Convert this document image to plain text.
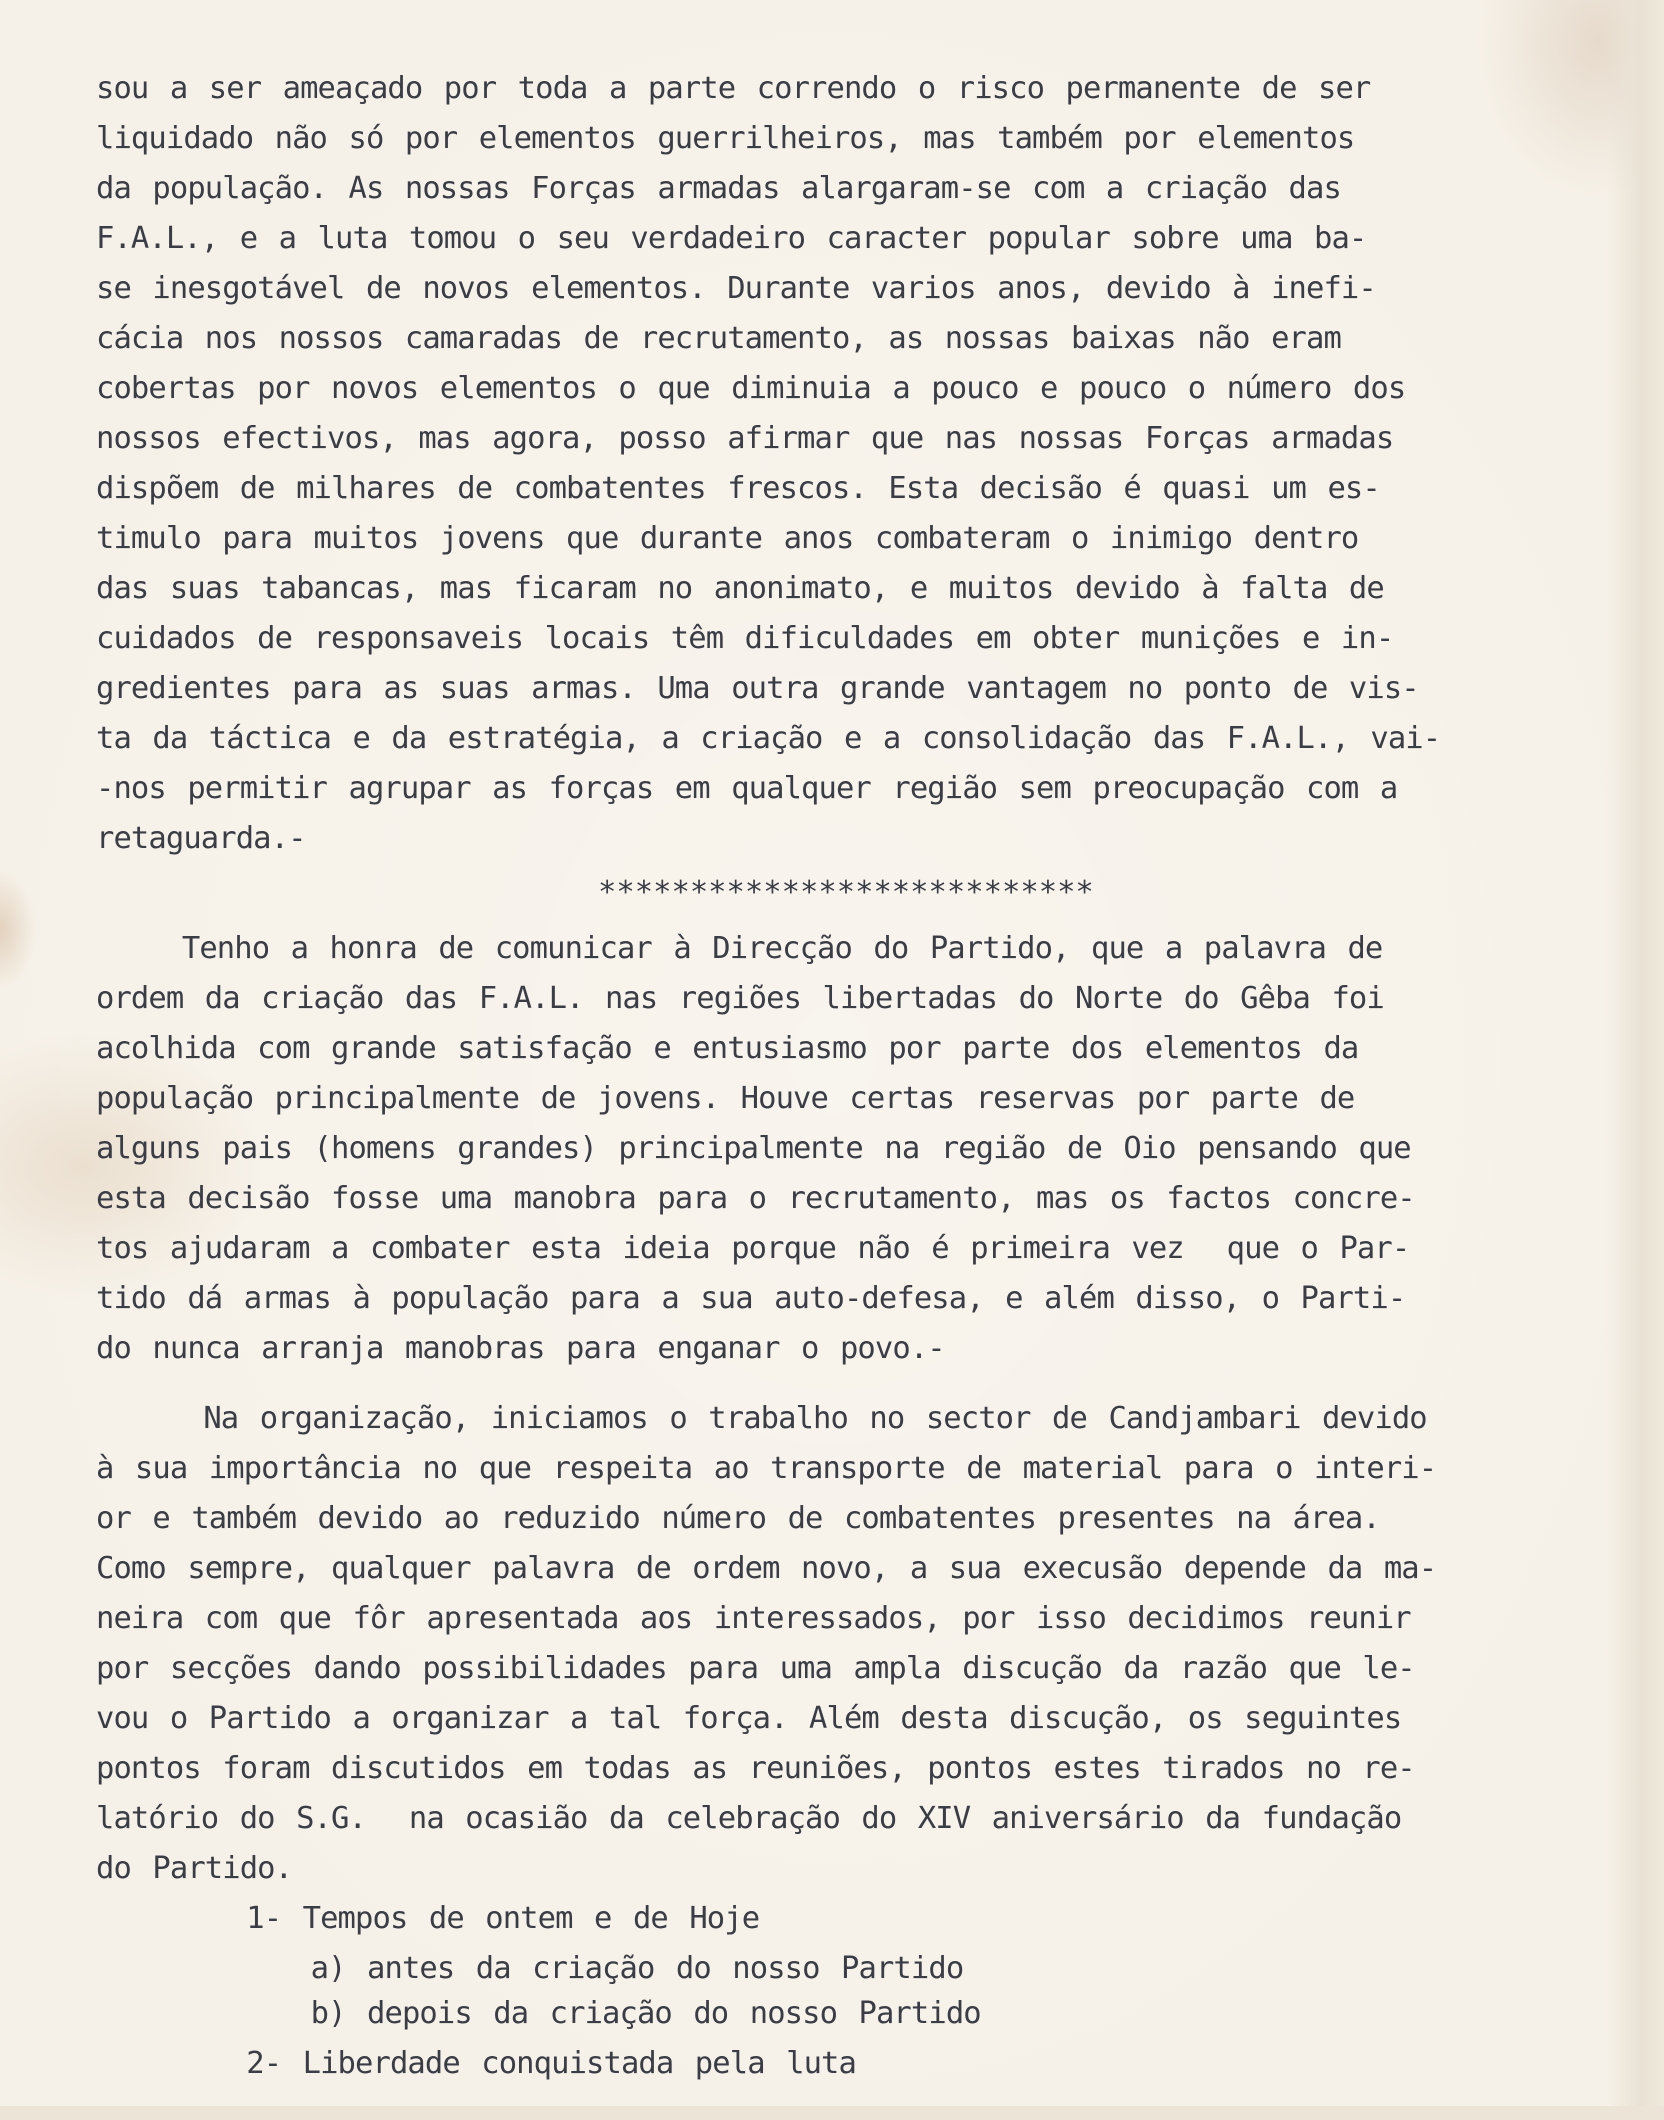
sou a ser ameaçado por toda a parte correndo o risco permanente de ser
liquidado não só por elementos guerrilheiros, mas também por elementos
da população. As nossas Forças armadas alargaram-se com a criação das
F.A.L., e a luta tomou o seu verdadeiro caracter popular sobre uma ba-
se inesgotável de novos elementos. Durante varios anos, devido à inefi-
cácia nos nossos camaradas de recrutamento, as nossas baixas não eram
cobertas por novos elementos o que diminuia a pouco e pouco o número dos
nossos efectivos, mas agora, posso afirmar que nas nossas Forças armadas
dispõem de milhares de combatentes frescos. Esta decisão é quasi um es-
timulo para muitos jovens que durante anos combateram o inimigo dentro
das suas tabancas, mas ficaram no anonimato, e muitos devido à falta de
cuidados de responsaveis locais têm dificuldades em obter munições e in-
gredientes para as suas armas. Uma outra grande vantagem no ponto de vis-
ta da táctica e da estratégia, a criação e a consolidação das F.A.L., vai-
-nos permitir agrupar as forças em qualquer região sem preocupação com a
retaguarda.-
***************************
Tenho a honra de comunicar à Direcção do Partido, que a palavra de
ordem da criação das F.A.L. nas regiões libertadas do Norte do Gêba foi
acolhida com grande satisfação e entusiasmo por parte dos elementos da
população principalmente de jovens. Houve certas reservas por parte de
alguns pais (homens grandes) principalmente na região de Oio pensando que
esta decisão fosse uma manobra para o recrutamento, mas os factos concre-
tos ajudaram a combater esta ideia porque não é primeira vez  que o Par-
tido dá armas à população para a sua auto-defesa, e além disso, o Parti-
do nunca arranja manobras para enganar o povo.-
Na organização, iniciamos o trabalho no sector de Candjambari devido
à sua importância no que respeita ao transporte de material para o interi-
or e também devido ao reduzido número de combatentes presentes na área.
Como sempre, qualquer palavra de ordem novo, a sua execusão depende da ma-
neira com que fôr apresentada aos interessados, por isso decidimos reunir
por secções dando possibilidades para uma ampla discução da razão que le-
vou o Partido a organizar a tal força. Além desta discução, os seguintes
pontos foram discutidos em todas as reuniões, pontos estes tirados no re-
latório do S.G.  na ocasião da celebração do XIV aniversário da fundação
do Partido.
1- Tempos de ontem e de Hoje
a) antes da criação do nosso Partido
b) depois da criação do nosso Partido
2- Liberdade conquistada pela luta
